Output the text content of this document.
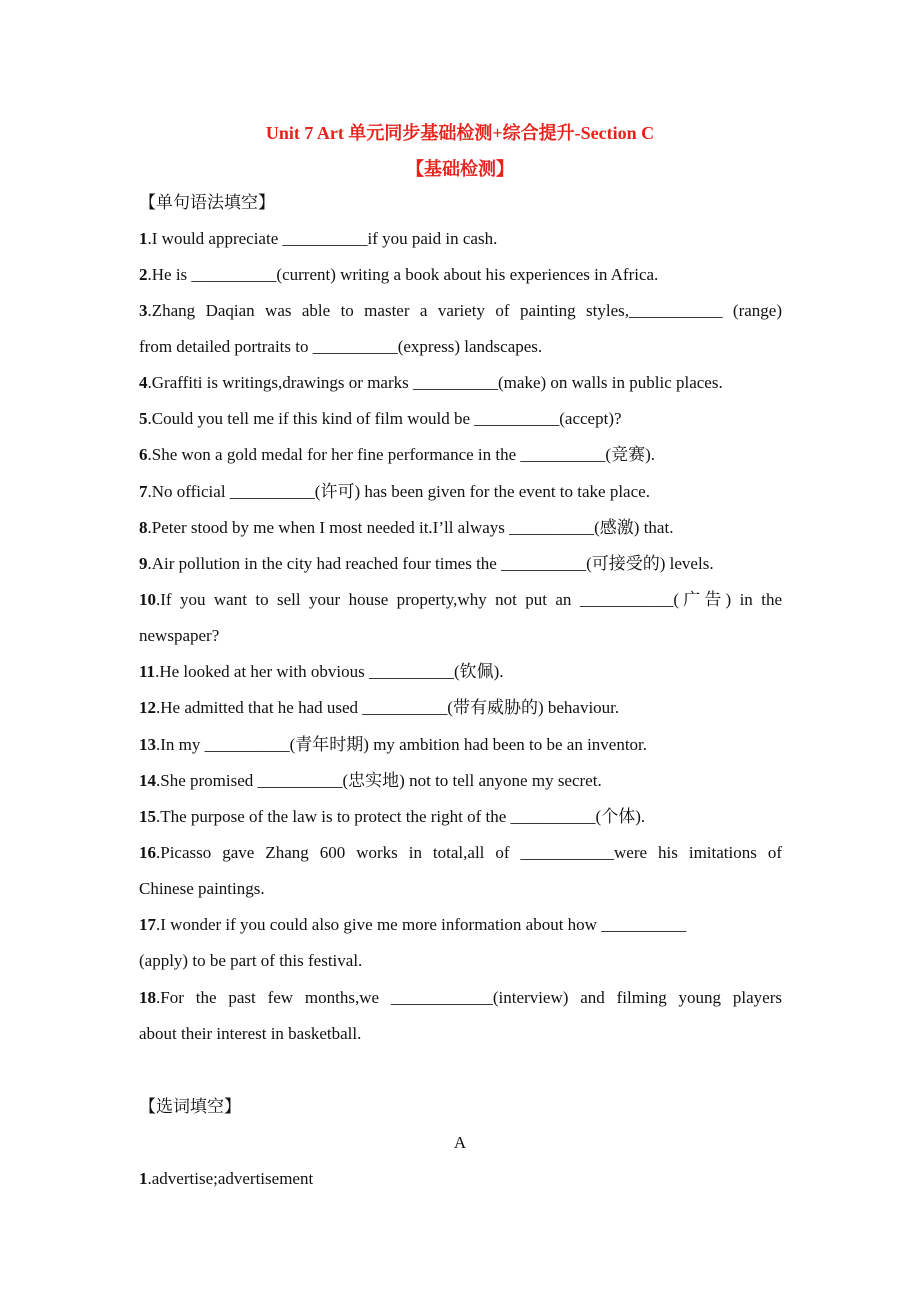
Unit 7 Art 单元同步基础检测+综合提升-Section C
【基础检测】
【单句语法填空】
1.I would appreciate __________if you paid in cash.
2.He is __________(current) writing a book about his experiences in Africa.
3.Zhang Daqian was able to master a variety of painting styles,___________ (range)
from detailed portraits to __________(express) landscapes.
4.Graffiti is writings,drawings or marks __________(make) on walls in public places.
5.Could you tell me if this kind of film would be __________(accept)?
6.She won a gold medal for her fine performance in the __________(竞赛).
7.No official __________(许可) has been given for the event to take place.
8.Peter stood by me when I most needed it.I’ll always __________(感激) that.
9.Air pollution in the city had reached four times the __________(可接受的) levels.
10.If you want to sell your house property,why not put an ___________(广告) in the
newspaper?
11.He looked at her with obvious __________(钦佩).
12.He admitted that he had used __________(带有威胁的) behaviour.
13.In my __________(青年时期) my ambition had been to be an inventor.
14.She promised __________(忠实地) not to tell anyone my secret.
15.The purpose of the law is to protect the right of the __________(个体).
16.Picasso gave Zhang 600 works in total,all of ___________were his imitations of
Chinese paintings.
17.I wonder if you could also give me more information about how __________
(apply) to be part of this festival.
18.For the past few months,we ____________(interview) and filming young players
about their interest in basketball.
【选词填空】
A
1.advertise;advertisement
